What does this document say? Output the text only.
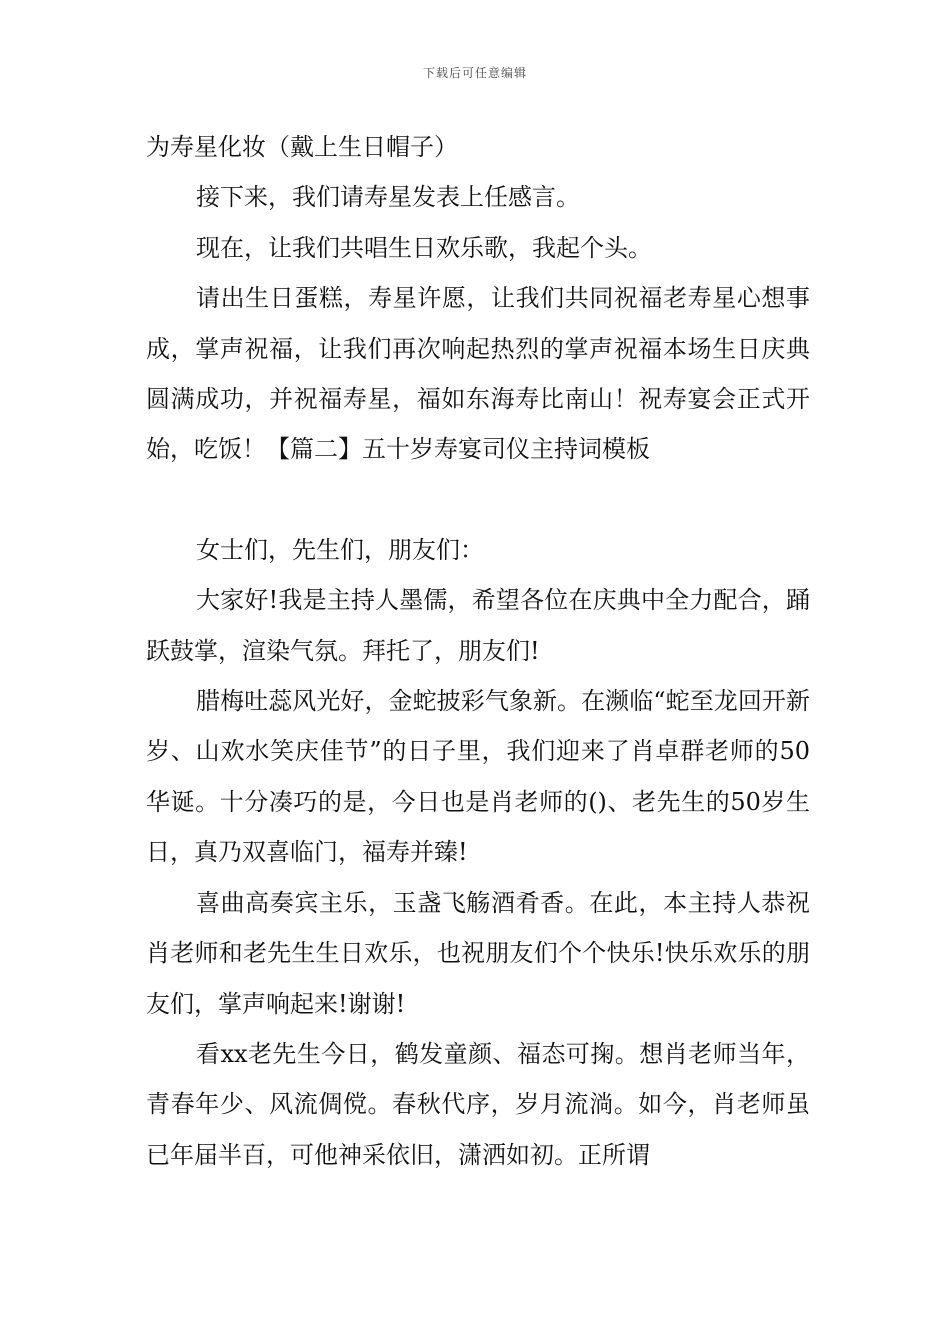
下载后可任意编辑

为寿星化妆（戴上生日帽子）

接下来，我们请寿星发表上任感言。

现在，让我们共唱生日欢乐歌，我起个头。

请出生日蛋糕，寿星许愿，让我们共同祝福老寿星心想事成，掌声祝福，让我们再次响起热烈的掌声祝福本场生日庆典圆满成功，并祝福寿星，福如东海寿比南山！祝寿宴会正式开始，吃饭！【篇二】五十岁寿宴司仪主持词模板

女士们，先生们，朋友们：

大家好!我是主持人墨儒，希望各位在庆典中全力配合，踊跃鼓掌，渲染气氛。拜托了，朋友们!

腊梅吐蕊风光好，金蛇披彩气象新。在濒临“蛇至龙回开新岁、山欢水笑庆佳节”的日子里，我们迎来了肖卓群老师的50华诞。十分凑巧的是，今日也是肖老师的()、老先生的50岁生日，真乃双喜临门，福寿并臻!

喜曲高奏宾主乐，玉盏飞觞酒肴香。在此，本主持人恭祝肖老师和老先生生日欢乐，也祝朋友们个个快乐!快乐欢乐的朋友们，掌声响起来!谢谢!

看xx老先生今日，鹤发童颜、福态可掬。想肖老师当年，青春年少、风流倜傥。春秋代序，岁月流淌。如今，肖老师虽已年届半百，可他神采依旧，潇洒如初。正所谓
